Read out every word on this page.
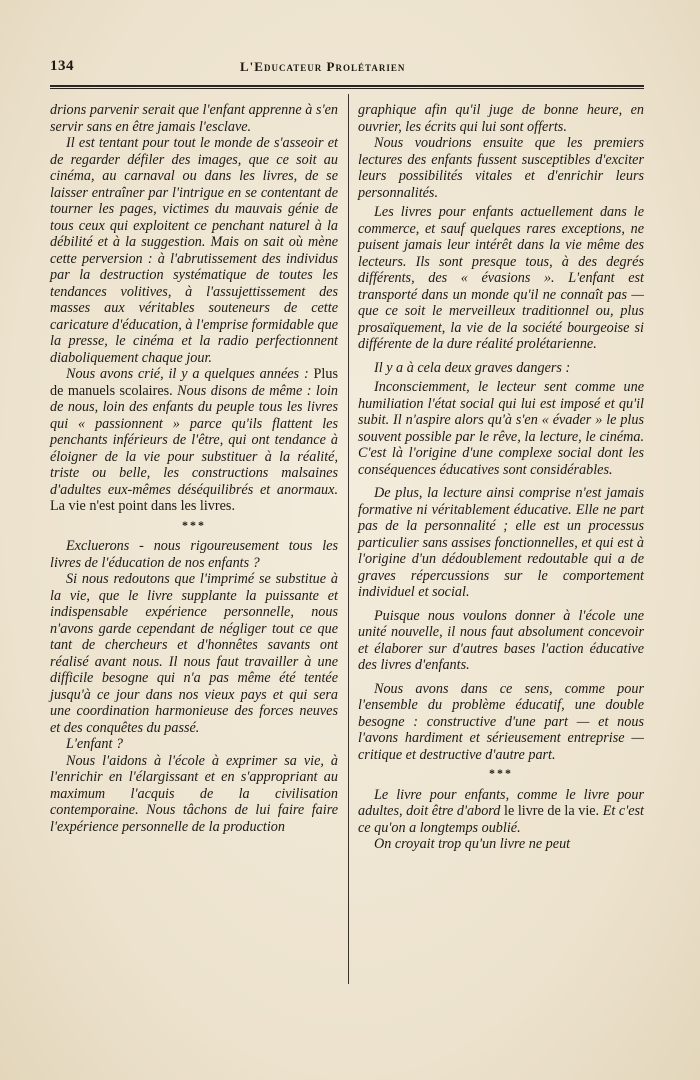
134	L'Educateur Prolétarien

drions parvenir serait que l'enfant apprenne à s'en servir sans en être jamais l'esclave.

Il est tentant pour tout le monde de s'asseoir et de regarder défiler des images, que ce soit au cinéma, au carnaval ou dans les livres, de se laisser entraîner par l'intrigue en se contentant de tourner les pages, victimes du mauvais génie de tous ceux qui exploitent ce penchant naturel à la débilité et à la suggestion. Mais on sait où mène cette perversion : à l'abrutissement des individus par la destruction systématique de toutes les tendances volitives, à l'assujettissement des masses aux véritables souteneurs de cette caricature d'éducation, à l'emprise formidable que la presse, le cinéma et la radio perfectionnent diaboliquement chaque jour.

Nous avons crié, il y a quelques années : Plus de manuels scolaires. Nous disons de même : loin de nous, loin des enfants du peuple tous les livres qui « passionnent » parce qu'ils flattent les penchants inférieurs de l'être, qui ont tendance à éloigner de la vie pour substituer à la réalité, triste ou belle, les constructions malsaines d'adultes eux-mêmes déséquilibrés et anormaux. La vie n'est point dans les livres.

***

Excluerons - nous rigoureusement tous les livres de l'éducation de nos enfants ?

Si nous redoutons que l'imprimé se substitue à la vie, que le livre supplante la puissante et indispensable expérience personnelle, nous n'avons garde cependant de négliger tout ce que tant de chercheurs et d'honnêtes savants ont réalisé avant nous. Il nous faut travailler à une difficile besogne qui n'a pas même été tentée jusqu'à ce jour dans nos vieux pays et qui sera une coordination harmonieuse des forces neuves et des conquêtes du passé.

L'enfant ?

Nous l'aidons à l'école à exprimer sa vie, à l'enrichir en l'élargissant et en s'appropriant au maximum l'acquis de la civilisation contemporaine. Nous tâchons de lui faire faire l'expérience personnelle de la production

graphique afin qu'il juge de bonne heure, en ouvrier, les écrits qui lui sont offerts.

Nous voudrions ensuite que les premiers lectures des enfants fussent susceptibles d'exciter leurs possibilités vitales et d'enrichir leurs personnalités.

Les livres pour enfants actuellement dans le commerce, et sauf quelques rares exceptions, ne puisent jamais leur intérêt dans la vie même des lecteurs. Ils sont presque tous, à des degrés différents, des « évasions ». L'enfant est transporté dans un monde qu'il ne connaît pas — que ce soit le merveilleux traditionnel ou, plus prosaïquement, la vie de la société bourgeoise si différente de la dure réalité prolétarienne.

Il y a à cela deux graves dangers :

Inconsciemment, le lecteur sent comme une humiliation l'état social qui lui est imposé et qu'il subit. Il n'aspire alors qu'à s'en « évader » le plus souvent possible par le rêve, la lecture, le cinéma. C'est là l'origine d'une complexe social dont les conséquences éducatives sont considérables.

De plus, la lecture ainsi comprise n'est jamais formative ni véritablement éducative. Elle ne part pas de la personnalité ; elle est un processus particulier sans assises fonctionnelles, et qui est à l'origine d'un dédoublement redoutable qui a de graves répercussions sur le comportement individuel et social.

Puisque nous voulons donner à l'école une unité nouvelle, il nous faut absolument concevoir et élaborer sur d'autres bases l'action éducative des livres d'enfants.

Nous avons dans ce sens, comme pour l'ensemble du problème éducatif, une double besogne : constructive d'une part — et nous l'avons hardiment et sérieusement entreprise — critique et destructive d'autre part.

***

Le livre pour enfants, comme le livre pour adultes, doit être d'abord le livre de la vie. Et c'est ce qu'on a longtemps oublié.

On croyait trop qu'un livre ne peut
